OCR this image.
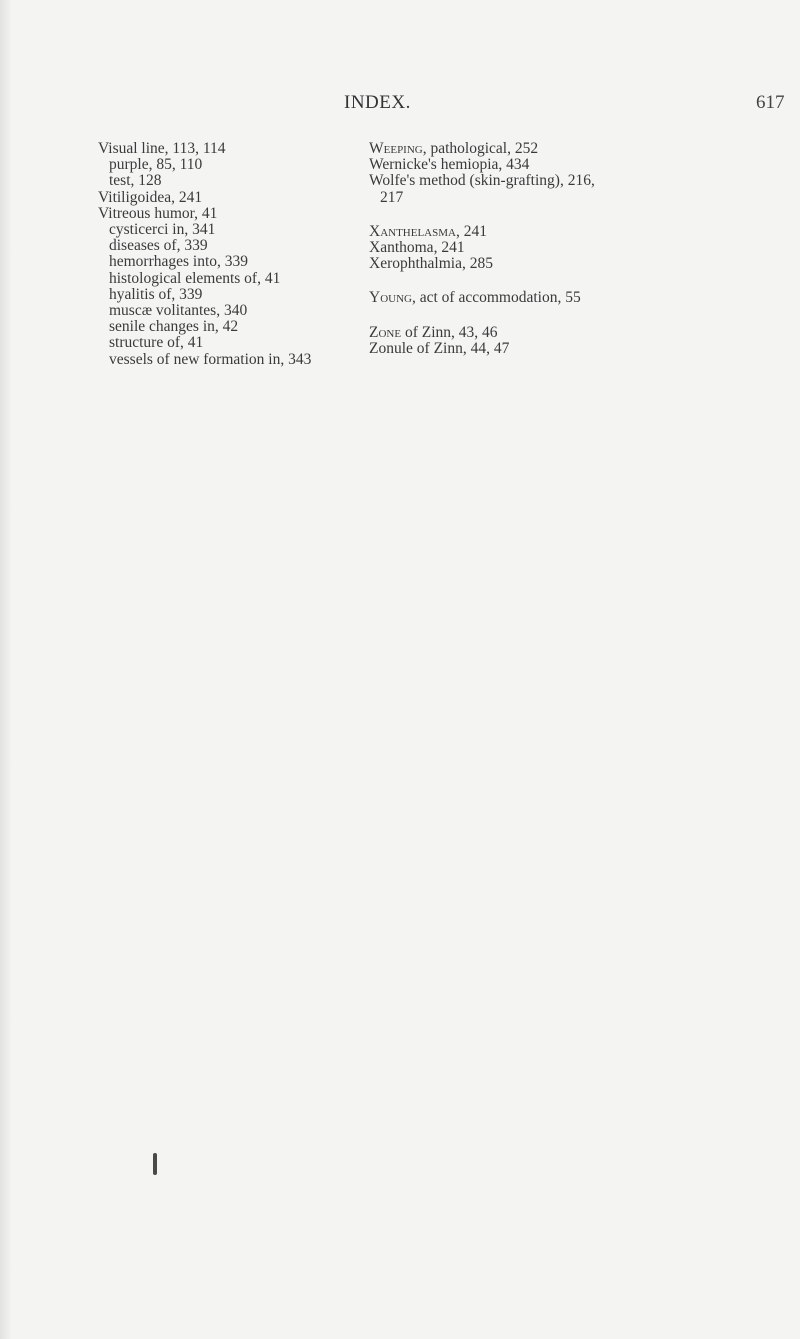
INDEX.	617
Visual line, 113, 114
purple, 85, 110
test, 128
Vitiligoidea, 241
Vitreous humor, 41
cysticerci in, 341
diseases of, 339
hemorrhages into, 339
histological elements of, 41
hyalitis of, 339
muscæ volitantes, 340
senile changes in, 42
structure of, 41
vessels of new formation in, 343
Weeping, pathological, 252
Wernicke's hemiopia, 434
Wolfe's method (skin-grafting), 216,
217
Xanthelasma, 241
Xanthoma, 241
Xerophthalmia, 285
Young, act of accommodation, 55
Zone of Zinn, 43, 46
Zonule of Zinn, 44, 47
